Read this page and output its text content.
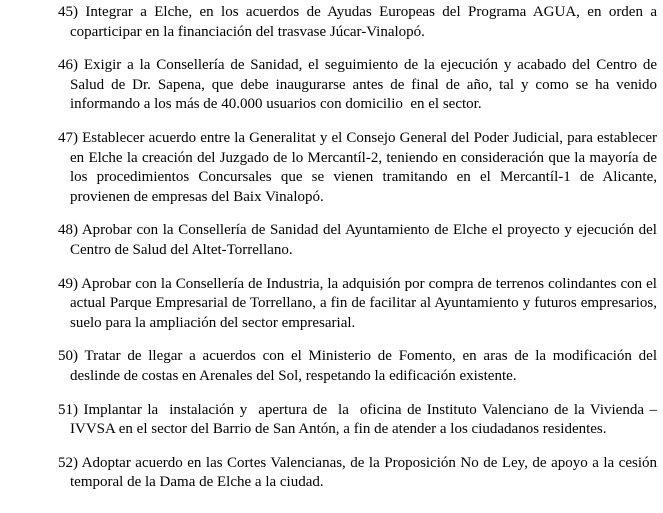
45) Integrar a Elche, en los acuerdos de Ayudas Europeas del Programa AGUA, en orden a coparticipar en la financiación del trasvase Júcar-Vinalopó.

46) Exigir a la Consellería de Sanidad, el seguimiento de la ejecución y acabado del Centro de Salud de Dr. Sapena, que debe inaugurarse antes de final de año, tal y como se ha venido informando a los más de 40.000 usuarios con domicilio  en el sector.

47) Establecer acuerdo entre la Generalitat y el Consejo General del Poder Judicial, para establecer en Elche la creación del Juzgado de lo Mercantíl-2, teniendo en consideración que la mayoría de los procedimientos Concursales que se vienen tramitando en el Mercantíl-1 de Alicante, provienen de empresas del Baix Vinalopó.

48) Aprobar con la Consellería de Sanidad del Ayuntamiento de Elche el proyecto y ejecución del Centro de Salud del Altet-Torrellano.

49) Aprobar con la Consellería de Industria, la adquisión por compra de terrenos colindantes con el actual Parque Empresarial de Torrellano, a fin de facilitar al Ayuntamiento y futuros empresarios, suelo para la ampliación del sector empresarial.

50) Tratar de llegar a acuerdos con el Ministerio de Fomento, en aras de la modificación del deslinde de costas en Arenales del Sol, respetando la edificación existente.

51) Implantar la  instalación y  apertura de  la  oficina de Instituto Valenciano de la Vivienda –IVVSA en el sector del Barrio de San Antón, a fin de atender a los ciudadanos residentes.

52) Adoptar acuerdo en las Cortes Valencianas, de la Proposición No de Ley, de apoyo a la cesión temporal de la Dama de Elche a la ciudad.
